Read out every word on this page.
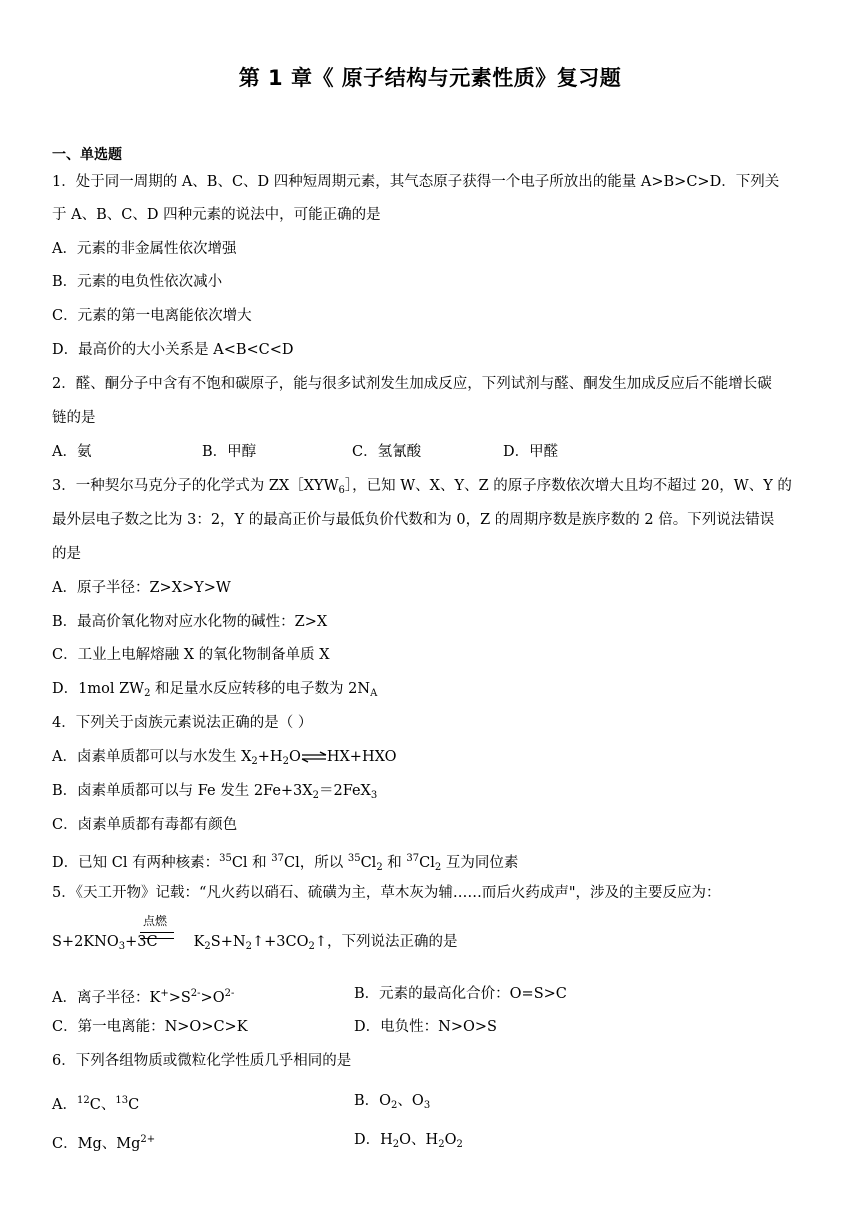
第 1 章《 原子结构与元素性质》复习题
一、单选题
1．处于同一周期的 A、B、C、D 四种短周期元素，其气态原子获得一个电子所放出的能量 A>B>C>D．下列关
于 A、B、C、D 四种元素的说法中，可能正确的是
A．元素的非金属性依次增强
B．元素的电负性依次减小
C．元素的第一电离能依次增大
D．最高价的大小关系是 A<B<C<D
2．醛、酮分子中含有不饱和碳原子，能与很多试剂发生加成反应，下列试剂与醛、酮发生加成反应后不能增长碳
链的是
A．氨	B．甲醇	C．氢氰酸	D．甲醛
3．一种契尔马克分子的化学式为 $ZX[XYW_6]$，已知 W、X、Y、Z 的原子序数依次增大且均不超过 20，W、Y 的
最外层电子数之比为 3：2，Y 的最高正价与最低负价代数和为 0，Z 的周期序数是族序数的 2 倍。下列说法错误
的是
A．原子半径：Z>X>Y>W
B．最高价氧化物对应水化物的碱性：Z>X
C．工业上电解熔融 X 的氧化物制备单质 X
D．1mol $ZW_2$ 和足量水反应转移的电子数为 $2N_A$
4．下列关于卤族元素说法正确的是（ ）
A．卤素单质都可以与水发生 $X_2+H_2O\rightleftharpoons HX+HXO$
B．卤素单质都可以与 Fe 发生 $2Fe+3X_2=2FeX_3$
C．卤素单质都有毒都有颜色
D．已知 Cl 有两种核素：$^{35}$Cl 和 $^{37}$Cl，所以 $^{35}Cl_2$ 和 $^{37}Cl_2$ 互为同位素
5．《天工开物》记载：“凡火药以硝石、硫磺为主，草木灰为辅……而后火药成声"，涉及的主要反应为：
点燃
$S+2KNO_3+3C$ $K_2S+N_2↑+3CO_2↑$，下列说法正确的是
A．离子半径：$K^+>S^{2-}>O^{2-}$	B．元素的最高化合价：O=S>C
C．第一电离能：N>O>C>K	D．电负性：N>O>S
6．下列各组物质或微粒化学性质几乎相同的是
A．$^{12}$C、$^{13}$C	B．$O_2$、$O_3$
C．Mg、$Mg^{2+}$	D．$H_2O$、$H_2O_2$
